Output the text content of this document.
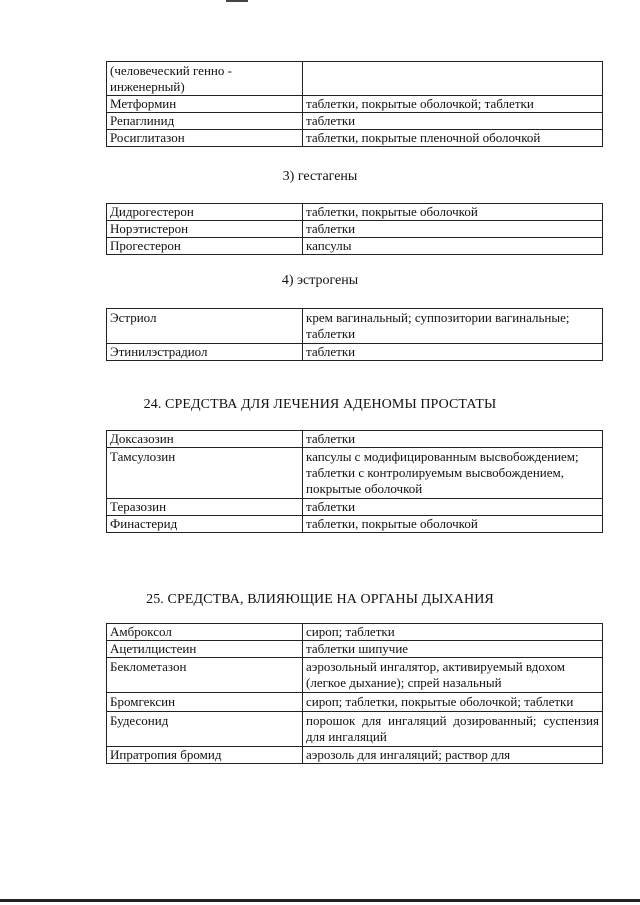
(человеческий генно - инженерный)	
Метформин	таблетки, покрытые оболочкой; таблетки
Репаглинид	таблетки
Росиглитазон	таблетки, покрытые пленочной оболочкой
3) гестагены
Дидрогестерон	таблетки, покрытые оболочкой
Норэтистерон	таблетки
Прогестерон	капсулы
4) эстрогены
Эстриол	крем вагинальный; суппозитории вагинальные; таблетки
Этинилэстрадиол	таблетки
24. СРЕДСТВА ДЛЯ ЛЕЧЕНИЯ АДЕНОМЫ ПРОСТАТЫ
Доксазозин	таблетки
Тамсулозин	капсулы с модифицированным высвобождением; таблетки с контролируемым высвобождением, покрытые оболочкой
Теразозин	таблетки
Финастерид	таблетки, покрытые оболочкой
25. СРЕДСТВА, ВЛИЯЮЩИЕ НА ОРГАНЫ ДЫХАНИЯ
Амброксол	сироп; таблетки
Ацетилцистеин	таблетки шипучие
Беклометазон	аэрозольный ингалятор, активируемый вдохом (легкое дыхание); спрей назальный
Бромгексин	сироп; таблетки, покрытые оболочкой; таблетки
Будесонид	порошок для ингаляций дозированный; суспензия для ингаляций
Ипратропия бромид	аэрозоль для ингаляций; раствор для
